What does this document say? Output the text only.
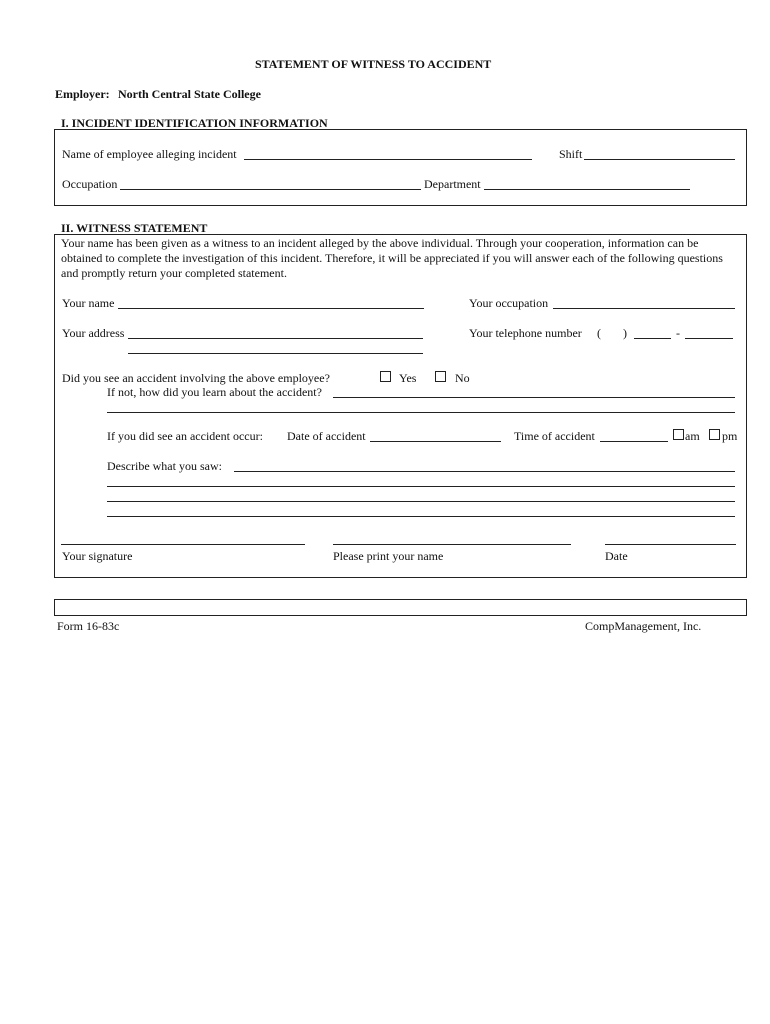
STATEMENT OF WITNESS TO ACCIDENT
Employer: North Central State College
I. INCIDENT IDENTIFICATION INFORMATION
Name of employee alleging incident	Shift
Occupation	Department
II. WITNESS STATEMENT
Your name has been given as a witness to an incident alleged by the above individual. Through your cooperation, information can be obtained to complete the investigation of this incident. Therefore, it will be appreciated if you will answer each of the following questions and promptly return your completed statement.
Your name	Your occupation
Your address	Your telephone number ( )	-
Did you see an accident involving the above employee?	Yes	No
If not, how did you learn about the accident?
If you did see an accident occur: Date of accident	Time of accident	am pm
Describe what you saw:
Your signature	Please print your name	Date
Form 16-83c	CompManagement, Inc.
